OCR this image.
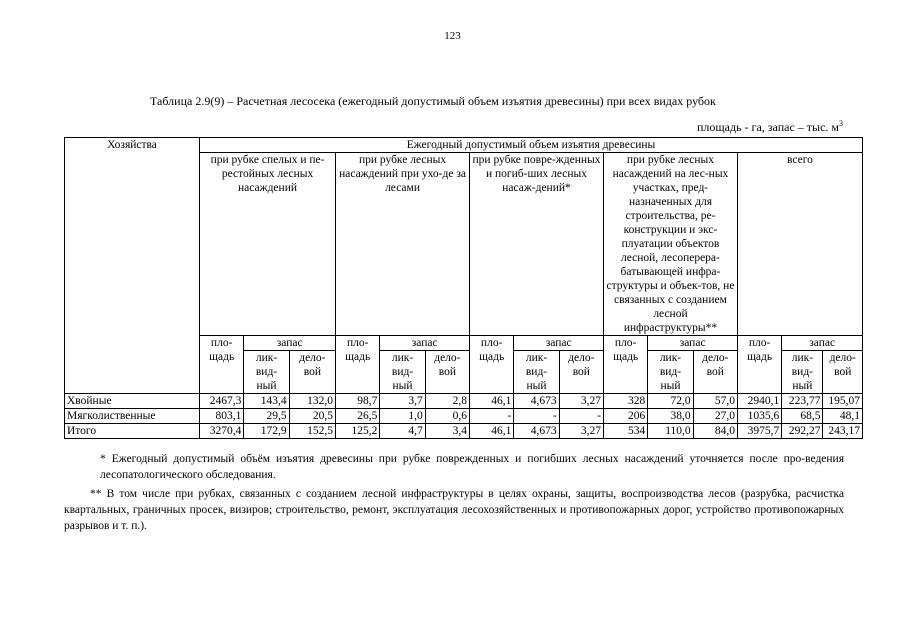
123
Таблица 2.9(9) – Расчетная лесосека (ежегодный допустимый объем изъятия древесины) при всех видах рубок
площадь - га, запас – тыс. $м^3$
Хозяйства	Ежегодный допустимый объем изъятия древесины														
	при рубке спелых и пе-рестойных лесных насаждений			при рубке лесных насаждений при ухо-де за лесами			при рубке повре-жденных и погиб-ших лесных насаж-дений*			при рубке лесных насаждений на лес-ных участках, пред-назначенных для строительства, ре-конструкции и экс-плуатации объектов лесной, лесоперера-батывающей инфра-структуры и объек-тов, не связанных с созданием лесной инфраструктуры**			всего		
	пло-щадь	запас		пло-щадь	запас		пло-щадь	запас		пло-щадь	запас		пло-щадь	запас	
		лик-вид-ный	дело-вой		лик-вид-ный	дело-вой		лик-вид-ный	дело-вой		лик-вид-ный	дело-вой		лик-вид-ный	дело-вой

Хвойные	2467,3	143,4	132,0	98,7	3,7	2,8	46,1	4,673	3,27	328	72,0	57,0	2940,1	223,77	195,07
Мягколиственные	803,1	29,5	20,5	26,5	1,0	0,6	-	-	-	206	38,0	27,0	1035,6	68,5	48,1
Итого	3270,4	172,9	152,5	125,2	4,7	3,4	46,1	4,673	3,27	534	110,0	84,0	3975,7	292,27	243,17

* Ежегодный допустимый объём изъятия древесины при рубке поврежденных и погибших лесных насаждений уточняется после про-ведения лесопатологического обследования.

** В том числе при рубках, связанных с созданием лесной инфраструктуры в целях охраны, защиты, воспроизводства лесов (разрубка, расчистка квартальных, граничных просек, визиров; строительство, ремонт, эксплуатация лесохозяйственных и противопожарных дорог, устройство противопожарных разрывов и т. п.).
